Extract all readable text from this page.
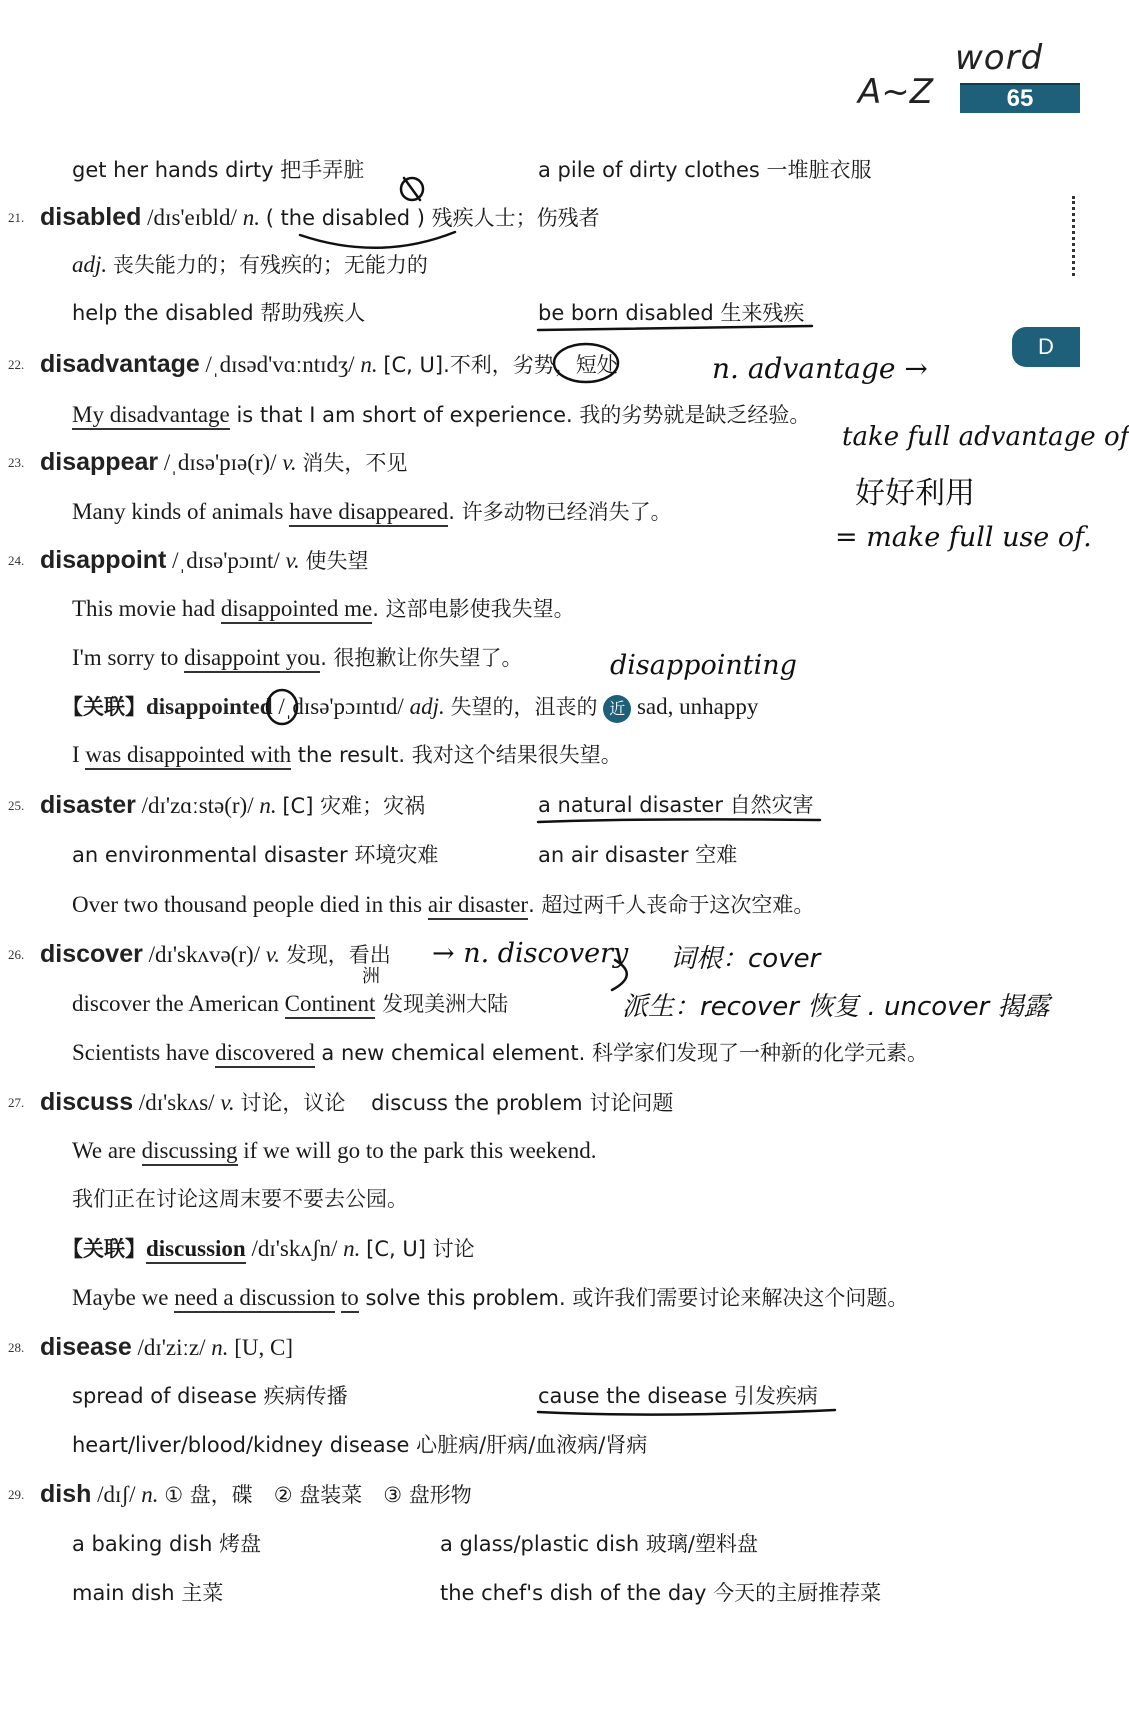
word
A~Z	65
D
get her hands dirty 把手弄脏	a pile of dirty clothes 一堆脏衣服
21. disabled /dɪs'eɪbld/ n. ( the disabled ) 残疾人士；伤残者
adj. 丧失能力的；有残疾的；无能力的
help the disabled 帮助残疾人	be born disabled 生来残疾
22. disadvantage /ˌdɪsəd'vɑːntɪdʒ/ n. [C, U].不利，劣势，短处
My disadvantage is that I am short of experience. 我的劣势就是缺乏经验。
23. disappear /ˌdɪsə'pɪə(r)/ v. 消失，不见
Many kinds of animals have disappeared. 许多动物已经消失了。
24. disappoint /ˌdɪsə'pɔɪnt/ v. 使失望
This movie had disappointed me. 这部电影使我失望。
I'm sorry to disappoint you. 很抱歉让你失望了。
【关联】disappointed /ˌdɪsə'pɔɪntɪd/ adj. 失望的，沮丧的 近 sad, unhappy
I was disappointed with the result. 我对这个结果很失望。
25. disaster /dɪ'zɑːstə(r)/ n. [C] 灾难；灾祸	a natural disaster 自然灾害
an environmental disaster 环境灾难	an air disaster 空难
Over two thousand people died in this air disaster. 超过两千人丧命于这次空难。
26. discover /dɪ'skʌvə(r)/ v. 发现，看出
discover the American Continent 发现美洲大陆
Scientists have discovered a new chemical element. 科学家们发现了一种新的化学元素。
27. discuss /dɪ'skʌs/ v. 讨论，议论 discuss the problem 讨论问题
We are discussing if we will go to the park this weekend.
我们正在讨论这周末要不要去公园。
【关联】discussion /dɪ'skʌʃn/ n. [C, U] 讨论
Maybe we need a discussion to solve this problem. 或许我们需要讨论来解决这个问题。
28. disease /dɪ'ziːz/ n. [U, C]
spread of disease 疾病传播	cause the disease 引发疾病
heart/liver/blood/kidney disease 心脏病/肝病/血液病/肾病
29. dish /dɪʃ/ n. ① 盘，碟　② 盘装菜　③ 盘形物
a baking dish 烤盘	a glass/plastic dish 玻璃/塑料盘
main dish 主菜	the chef's dish of the day 今天的主厨推荐菜
n. advantage →
take full advantage of
好好利用
= make full use of.
disappointing
→ n. discovery 词根：cover
派生：recover 恢复 . uncover 揭露
洲
